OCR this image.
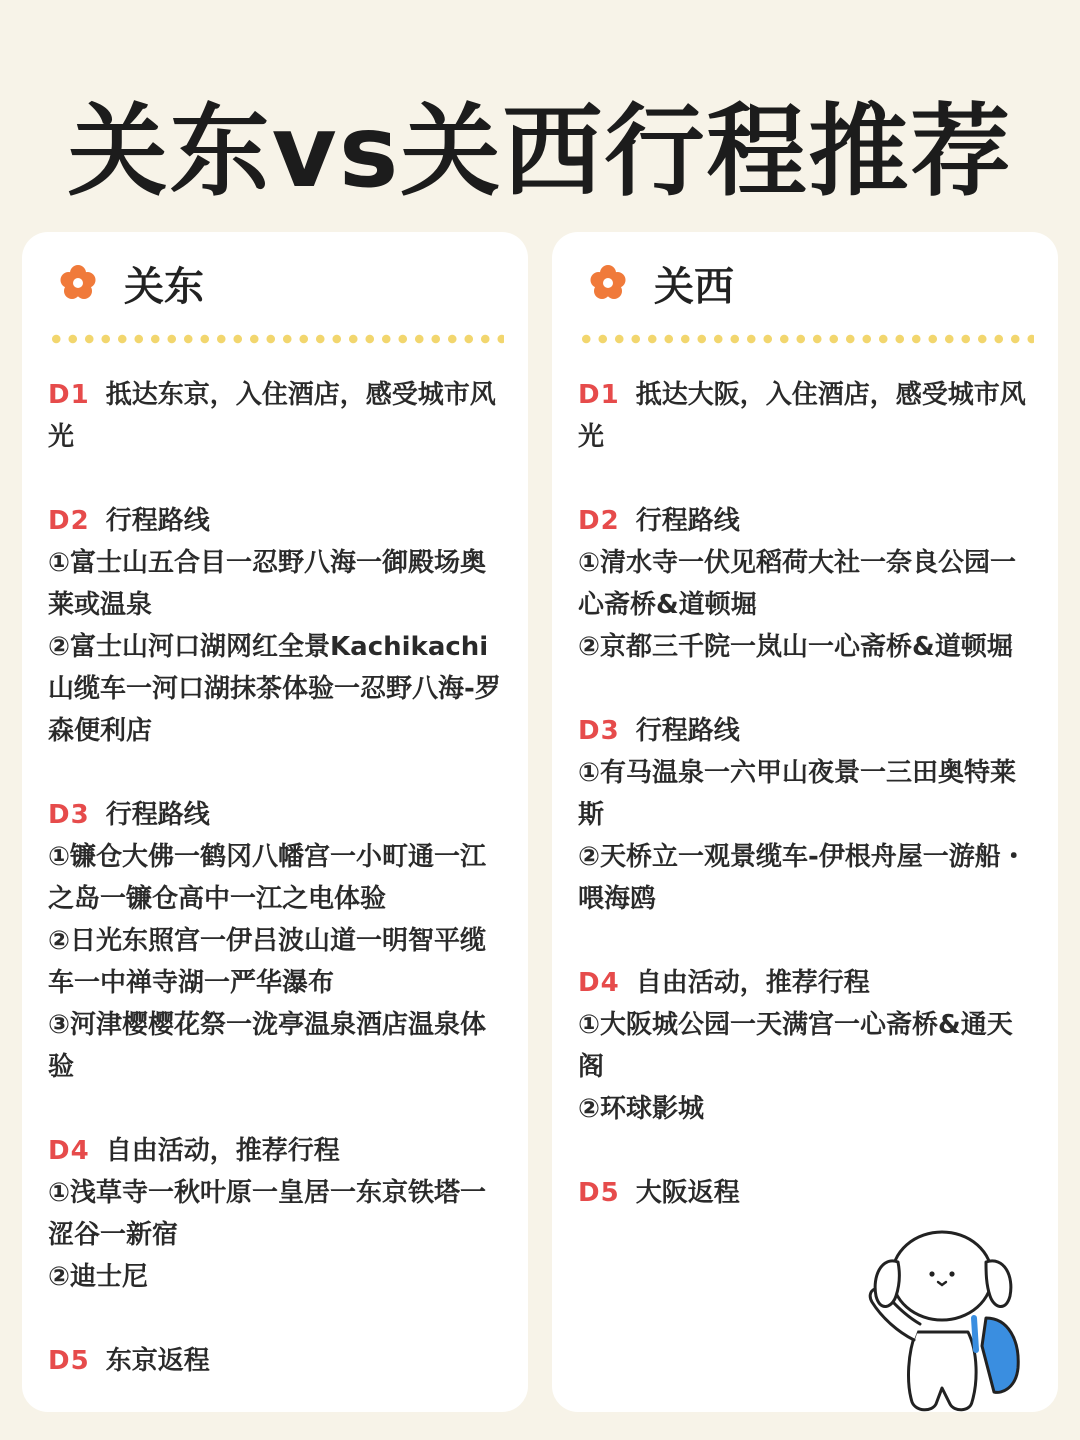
关东vs关西行程推荐
关东
D1 抵达东京，入住酒店，感受城市风光
D2 行程路线
①富士山五合目一忍野八海一御殿场奥莱或温泉
②富士山河口湖网红全景Kachikachi山缆车一河口湖抹茶体验一忍野八海-罗森便利店
D3 行程路线
①镰仓大佛一鹤冈八幡宫一小町通一江之岛一镰仓高中一江之电体验
②日光东照宫一伊吕波山道一明智平缆车一中禅寺湖一严华瀑布
③河津樱樱花祭一泷亭温泉酒店温泉体验
D4 自由活动，推荐行程
①浅草寺一秋叶原一皇居一东京铁塔一涩谷一新宿
②迪士尼
D5 东京返程
关西
D1 抵达大阪，入住酒店，感受城市风光
D2 行程路线
①清水寺一伏见稻荷大社一奈良公园一心斋桥&道顿堀
②京都三千院一岚山一心斋桥&道顿堀
D3 行程路线
①有马温泉一六甲山夜景一三田奥特莱斯
②天桥立一观景缆车-伊根舟屋一游船・喂海鸥
D4 自由活动，推荐行程
①大阪城公园一天满宫一心斋桥&通天阁
②环球影城
D5 大阪返程
